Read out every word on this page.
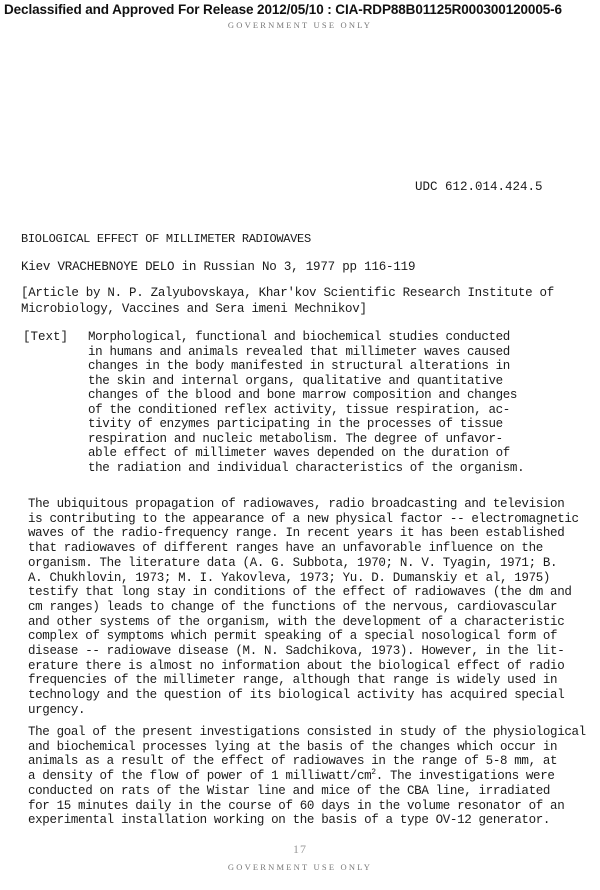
Declassified and Approved For Release 2012/05/10 : CIA-RDP88B01125R000300120005-6
GOVERNMENT USE ONLY
UDC 612.014.424.5
BIOLOGICAL EFFECT OF MILLIMETER RADIOWAVES
Kiev VRACHEBNOYE DELO in Russian No 3, 1977 pp 116-119
[Article by N. P. Zalyubovskaya, Khar'kov Scientific Research Institute of
Microbiology, Vaccines and Sera imeni Mechnikov]
[Text] Morphological, functional and biochemical studies conducted
in humans and animals revealed that millimeter waves caused
changes in the body manifested in structural alterations in
the skin and internal organs, qualitative and quantitative
changes of the blood and bone marrow composition and changes
of the conditioned reflex activity, tissue respiration, ac-
tivity of enzymes participating in the processes of tissue
respiration and nucleic metabolism. The degree of unfavor-
able effect of millimeter waves depended on the duration of
the radiation and individual characteristics of the organism.
The ubiquitous propagation of radiowaves, radio broadcasting and television
is contributing to the appearance of a new physical factor -- electromagnetic
waves of the radio-frequency range. In recent years it has been established
that radiowaves of different ranges have an unfavorable influence on the
organism. The literature data (A. G. Subbota, 1970; N. V. Tyagin, 1971; B.
A. Chukhlovin, 1973; M. I. Yakovleva, 1973; Yu. D. Dumanskiy et al, 1975)
testify that long stay in conditions of the effect of radiowaves (the dm and
cm ranges) leads to change of the functions of the nervous, cardiovascular
and other systems of the organism, with the development of a characteristic
complex of symptoms which permit speaking of a special nosological form of
disease -- radiowave disease (M. N. Sadchikova, 1973). However, in the lit-
erature there is almost no information about the biological effect of radio
frequencies of the millimeter range, although that range is widely used in
technology and the question of its biological activity has acquired special
urgency.
The goal of the present investigations consisted in study of the physiological
and biochemical processes lying at the basis of the changes which occur in
animals as a result of the effect of radiowaves in the range of 5-8 mm, at
a density of the flow of power of 1 milliwatt/$cm^2$. The investigations were
conducted on rats of the Wistar line and mice of the CBA line, irradiated
for 15 minutes daily in the course of 60 days in the volume resonator of an
experimental installation working on the basis of a type OV-12 generator.
17
GOVERNMENT USE ONLY
